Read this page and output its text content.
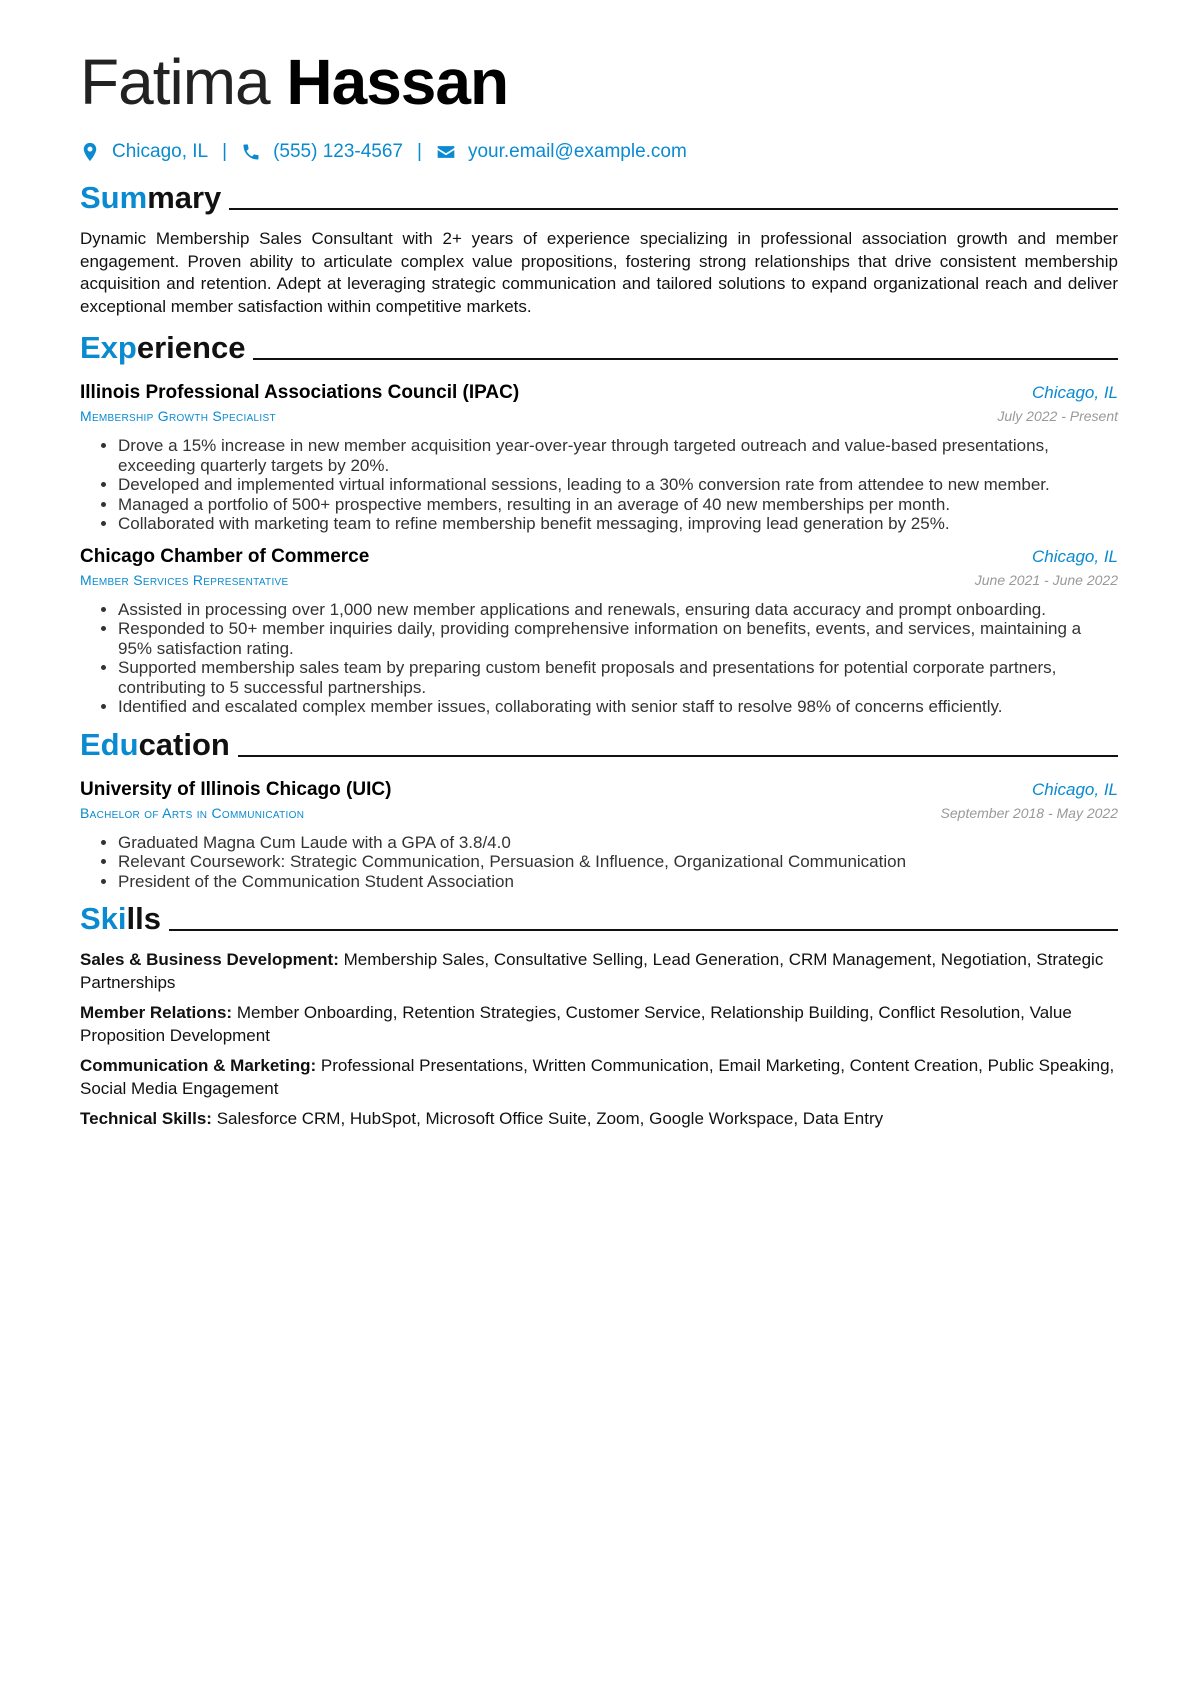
Fatima Hassan
Chicago, IL | (555) 123-4567 | your.email@example.com
Summary

Dynamic Membership Sales Consultant with 2+ years of experience specializing in professional association growth and member engagement. Proven ability to articulate complex value propositions, fostering strong relationships that drive consistent membership acquisition and retention. Adept at leveraging strategic communication and tailored solutions to expand organizational reach and deliver exceptional member satisfaction within competitive markets.

Experience
Illinois Professional Associations Council (IPAC)	Chicago, IL
Membership Growth Specialist	July 2022 - Present
• Drove a 15% increase in new member acquisition year-over-year through targeted outreach and value-based presentations, exceeding quarterly targets by 20%.
• Developed and implemented virtual informational sessions, leading to a 30% conversion rate from attendee to new member.
• Managed a portfolio of 500+ prospective members, resulting in an average of 40 new memberships per month.
• Collaborated with marketing team to refine membership benefit messaging, improving lead generation by 25%.
Chicago Chamber of Commerce	Chicago, IL
Member Services Representative	June 2021 - June 2022
• Assisted in processing over 1,000 new member applications and renewals, ensuring data accuracy and prompt onboarding.
• Responded to 50+ member inquiries daily, providing comprehensive information on benefits, events, and services, maintaining a 95% satisfaction rating.
• Supported membership sales team by preparing custom benefit proposals and presentations for potential corporate partners, contributing to 5 successful partnerships.
• Identified and escalated complex member issues, collaborating with senior staff to resolve 98% of concerns efficiently.
Education
University of Illinois Chicago (UIC)	Chicago, IL
Bachelor of Arts in Communication	September 2018 - May 2022
• Graduated Magna Cum Laude with a GPA of 3.8/4.0
• Relevant Coursework: Strategic Communication, Persuasion & Influence, Organizational Communication
• President of the Communication Student Association
Skills
Sales & Business Development: Membership Sales, Consultative Selling, Lead Generation, CRM Management, Negotiation, Strategic Partnerships
Member Relations: Member Onboarding, Retention Strategies, Customer Service, Relationship Building, Conflict Resolution, Value Proposition Development
Communication & Marketing: Professional Presentations, Written Communication, Email Marketing, Content Creation, Public Speaking, Social Media Engagement
Technical Skills: Salesforce CRM, HubSpot, Microsoft Office Suite, Zoom, Google Workspace, Data Entry
